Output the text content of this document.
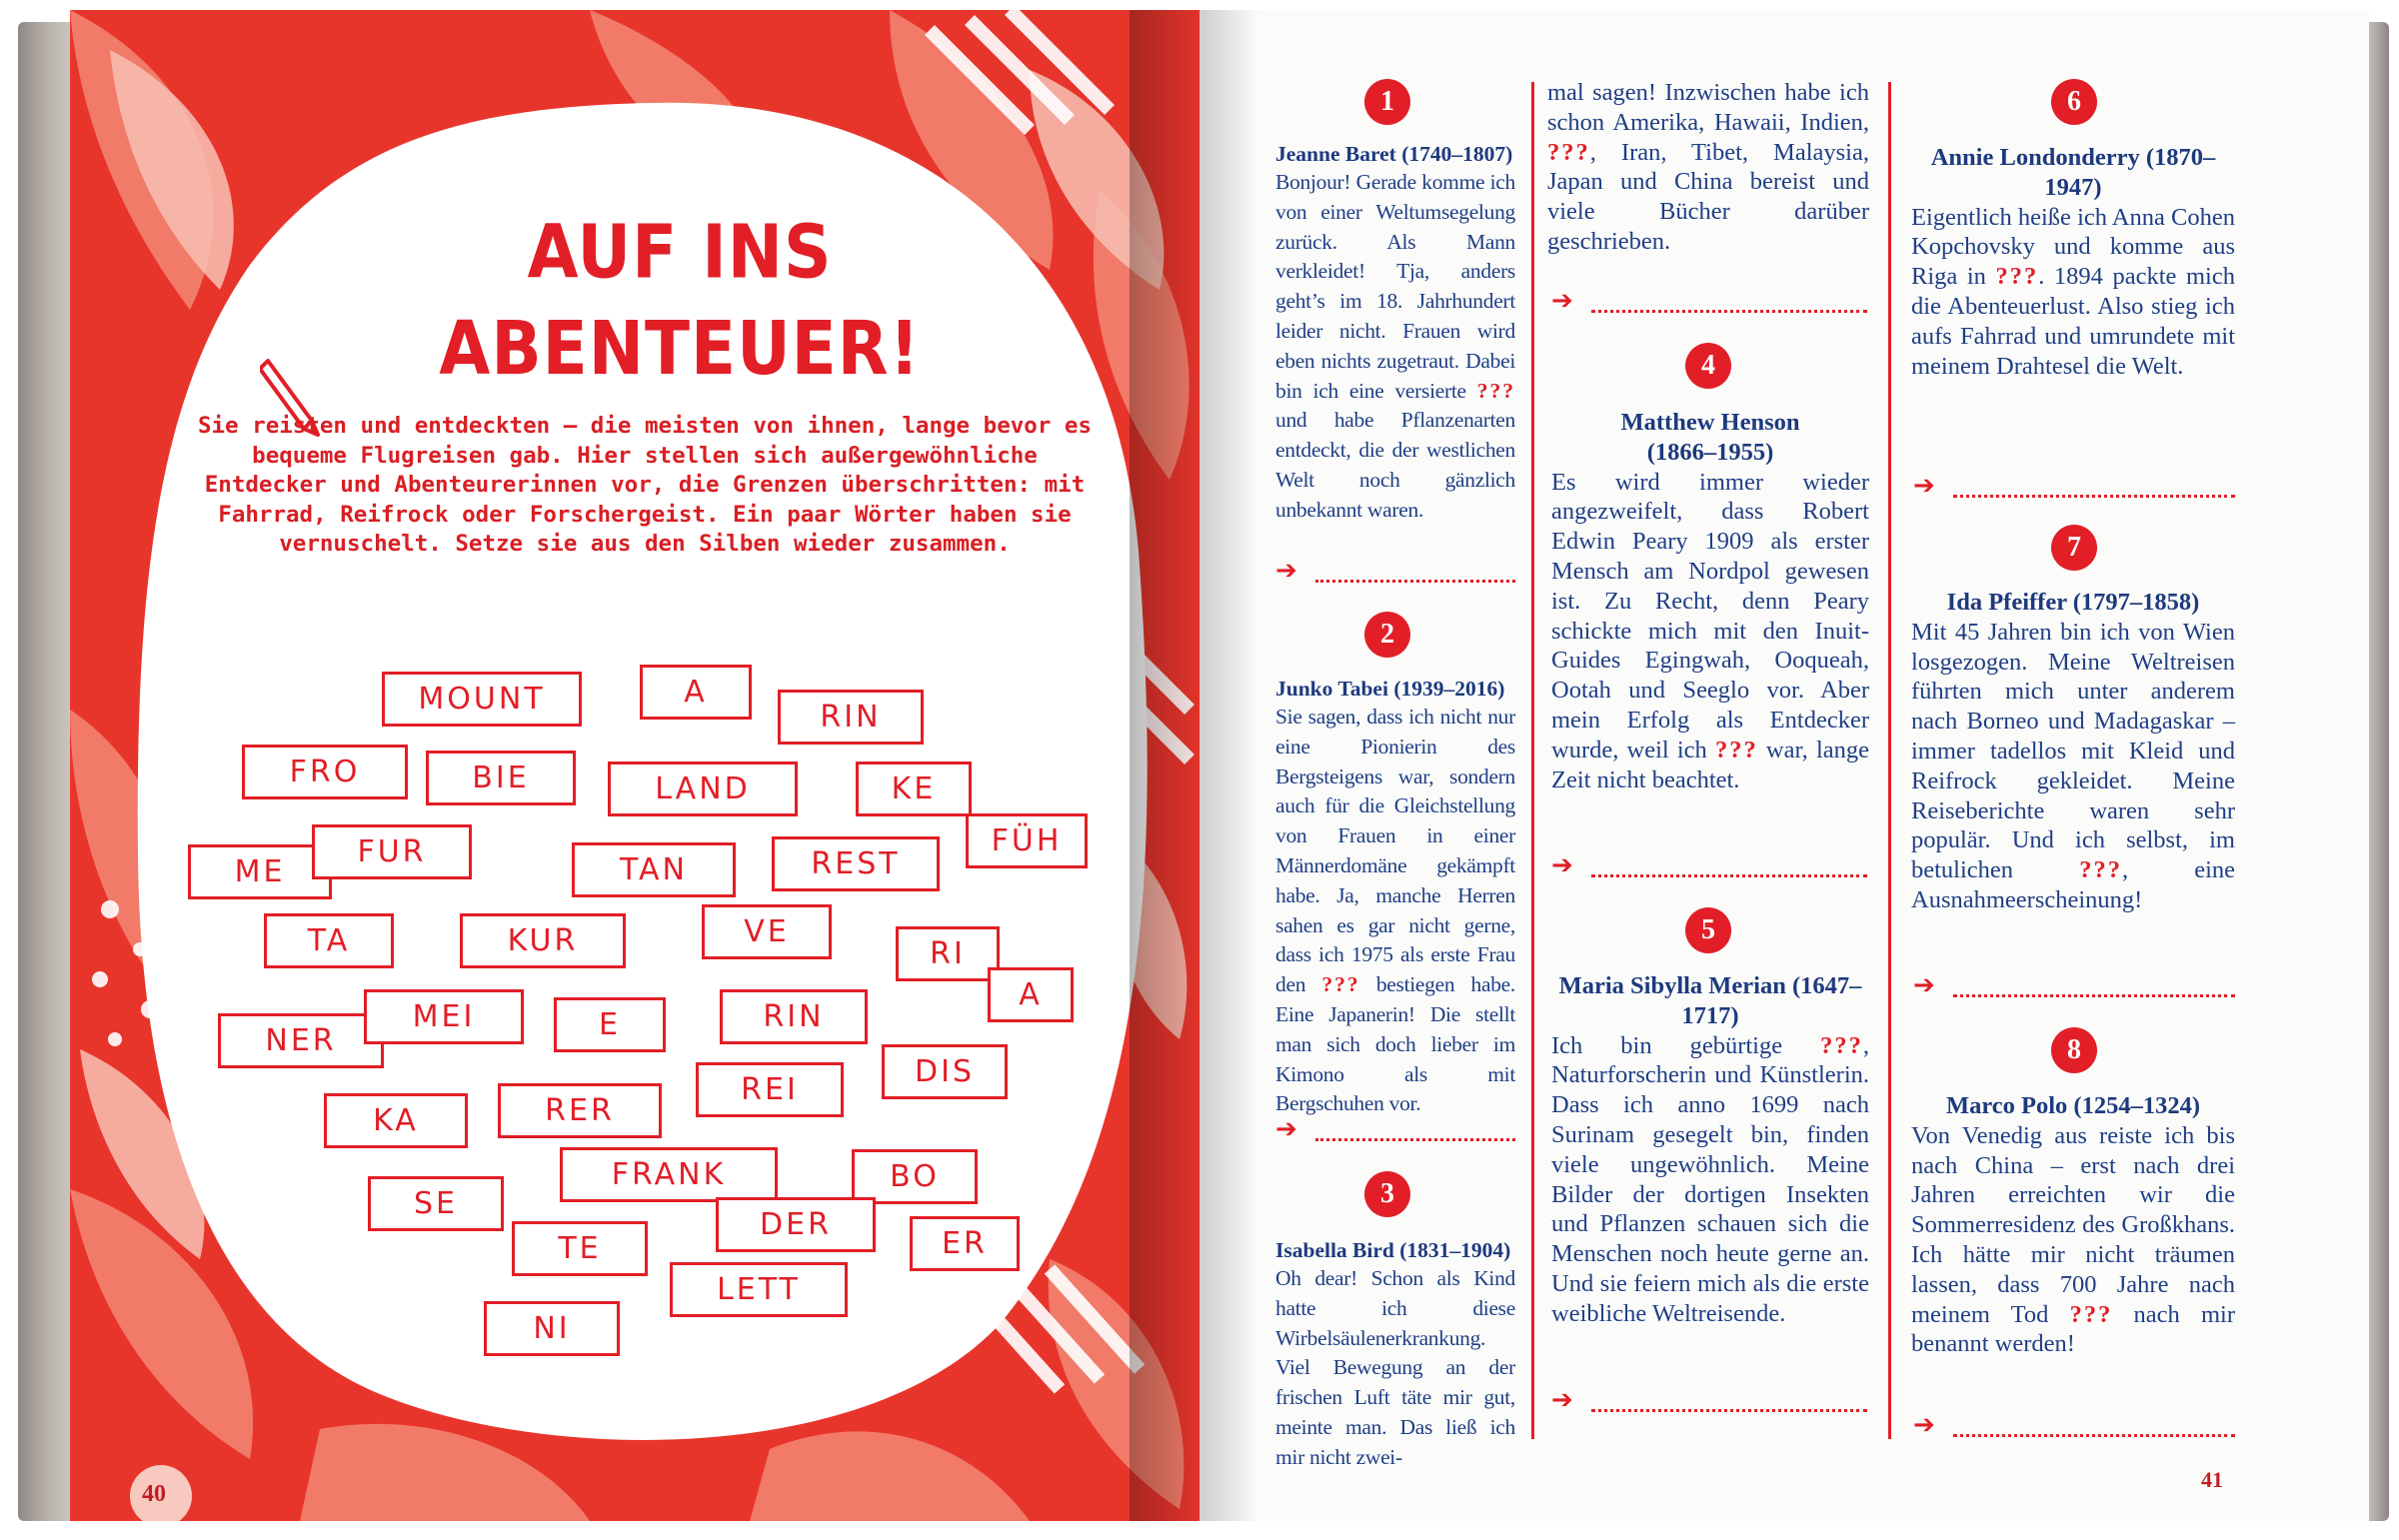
AUF INS
ABENTEUER!
Sie reisten und entdeckten – die meisten von ihnen, lange bevor es bequeme Flugreisen gab. Hier stellen sich außergewöhnliche Entdecker und Abenteurerinnen vor, die Grenzen überschritten: mit Fahrrad, Reifrock oder Forschergeist. Ein paar Wörter haben sie vernuschelt. Setze sie aus den Silben wieder zusammen.
MOUNT	A
RIN
FRO	BIE	LAND	KE
FÜH
ME
FUR
TAN	REST
TA	KUR	VE
RI
A
NER
MEI	E	RIN
DIS
KA	RER
REI
SE
FRANK	BO
TE
DER
ER
LETT
NI
40
1
Jeanne Baret (1740–1807)
Bonjour! Gerade komme ich von einer Weltumsegelung zurück. Als Mann verkleidet! Tja, anders geht’s im 18. Jahrhundert leider nicht. Frauen wird eben nichts zugetraut. Dabei bin ich eine versierte ??? und habe Pflanzenarten entdeckt, die der westlichen Welt noch gänzlich unbekannt waren.
➔
2
Junko Tabei (1939–2016)
Sie sagen, dass ich nicht nur eine Pionierin des Bergsteigens war, sondern auch für die Gleichstellung von Frauen in einer Männerdomäne gekämpft habe. Ja, manche Herren sahen es gar nicht gerne, dass ich 1975 als erste Frau den ??? bestiegen habe. Eine Japanerin! Die stellt man sich doch lieber im Kimono als mit Bergschuhen vor.
➔
3
Isabella Bird (1831–1904)
Oh dear! Schon als Kind hatte ich diese Wirbelsäulenerkrankung. Viel Bewegung an der frischen Luft täte mir gut, meinte man. Das ließ ich mir nicht zwei-
mal sagen! Inzwischen habe ich schon Amerika, Hawaii, Indien, ???, Iran, Tibet, Malaysia, Japan und China bereist und viele Bücher darüber geschrieben.
➔
4
Matthew Henson (1866–1955)
Es wird immer wieder angezweifelt, dass Robert Edwin Peary 1909 als erster Mensch am Nordpol gewesen ist. Zu Recht, denn Peary schickte mich mit den Inuit-Guides Egingwah, Ooqueah, Ootah und Seeglo vor. Aber mein Erfolg als Entdecker wurde, weil ich ??? war, lange Zeit nicht beachtet.
➔
5
Maria Sibylla Merian (1647–1717)
Ich bin gebürtige ???, Naturforscherin und Künstlerin. Dass ich anno 1699 nach Surinam gesegelt bin, finden viele ungewöhnlich. Meine Bilder der dortigen Insekten und Pflanzen schauen sich die Menschen noch heute gerne an. Und sie feiern mich als die erste weibliche Weltreisende.
➔
6
Annie Londonderry (1870–1947)
Eigentlich heiße ich Anna Cohen Kopchovsky und komme aus Riga in ???. 1894 packte mich die Abenteuerlust. Also stieg ich aufs Fahrrad und umrundete mit meinem Drahtesel die Welt.
➔
7
Ida Pfeiffer (1797–1858)
Mit 45 Jahren bin ich von Wien losgezogen. Meine Weltreisen führten mich unter anderem nach Borneo und Madagaskar – immer tadellos mit Kleid und Reifrock gekleidet. Meine Reiseberichte waren sehr populär. Und ich selbst, im betulichen ???, eine Ausnahmeerscheinung!
➔
8
Marco Polo (1254–1324)
Von Venedig aus reiste ich bis nach China – erst nach drei Jahren erreichten wir die Sommerresidenz des Großkhans. Ich hätte mir nicht träumen lassen, dass 700 Jahre nach meinem Tod ??? nach mir benannt werden!
➔
41
